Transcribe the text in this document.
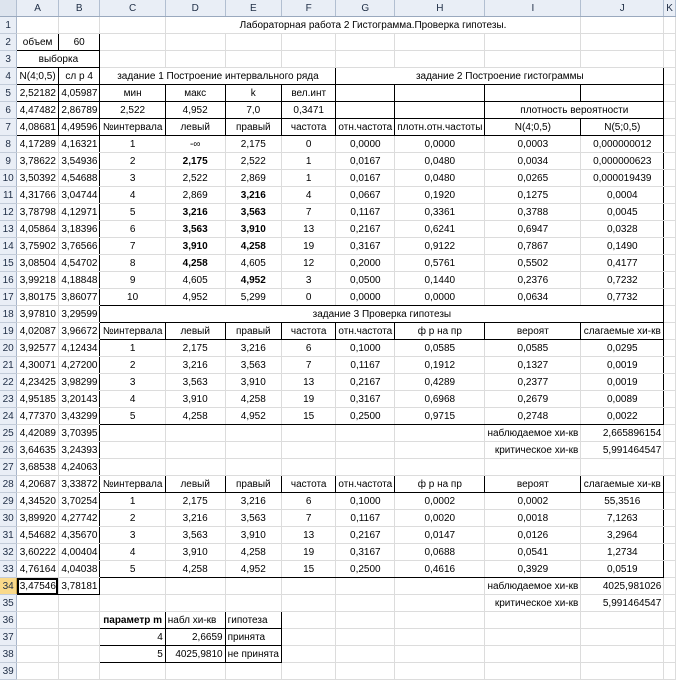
	A	B	C	D	E	F	G	H	I	J	K
1				Лабораторная работа 2 Гистограмма.Проверка гипотезы.							
2	объем	60									
3	выборка										
4	N(4;0,5)	сл р 4	задание 1 Построение интервального ряда				задание 2 Построение гистограммы				
5	2,52182	4,05987	мин	макс	k	вел.инт					
6	4,47482	2,86789	2,522	4,952	7,0	0,3471			плотность вероятности		
7	4,08681	4,49596	№интервала	левый	правый	частота	отн.частота	плотн.отн.частоты	N(4;0,5)	N(5;0,5)	
8	4,17289	4,16321	1	-∞	2,175	0	0,0000	0,0000	0,0003	0,000000012	
9	3,78622	3,54936	2	2,175	2,522	1	0,0167	0,0480	0,0034	0,000000623	
10	3,50392	4,54688	3	2,522	2,869	1	0,0167	0,0480	0,0265	0,000019439	
11	4,31766	3,04744	4	2,869	3,216	4	0,0667	0,1920	0,1275	0,0004	
12	3,78798	4,12971	5	3,216	3,563	7	0,1167	0,3361	0,3788	0,0045	
13	4,05864	3,18396	6	3,563	3,910	13	0,2167	0,6241	0,6947	0,0328	
14	3,75902	3,76566	7	3,910	4,258	19	0,3167	0,9122	0,7867	0,1490	
15	3,08504	4,54702	8	4,258	4,605	12	0,2000	0,5761	0,5502	0,4177	
16	3,99218	4,18848	9	4,605	4,952	3	0,0500	0,1440	0,2376	0,7232	
17	3,80175	3,86077	10	4,952	5,299	0	0,0000	0,0000	0,0634	0,7732	
18	3,97810	3,29599	задание 3 Проверка гипотезы								
19	4,02087	3,96672	№интервала	левый	правый	частота	отн.частота	ф р на пр	вероят	слагаемые хи-кв	
20	3,92577	4,12434	1	2,175	3,216	6	0,1000	0,0585	0,0585	0,0295	
21	4,30071	4,27200	2	3,216	3,563	7	0,1167	0,1912	0,1327	0,0019	
22	4,23425	3,98299	3	3,563	3,910	13	0,2167	0,4289	0,2377	0,0019	
23	4,95185	3,20143	4	3,910	4,258	19	0,3167	0,6968	0,2679	0,0089	
24	4,77370	3,43299	5	4,258	4,952	15	0,2500	0,9715	0,2748	0,0022	
25	4,42089	3,70395							наблюдаемое хи-кв	2,665896154	
26	3,64635	3,24393							критическое хи-кв	5,991464547	
27	3,68538	4,24063									
28	4,20687	3,33872	№интервала	левый	правый	частота	отн.частота	ф р на пр	вероят	слагаемые хи-кв	
29	4,34520	3,70254	1	2,175	3,216	6	0,1000	0,0002	0,0002	55,3516	
30	3,89920	4,27742	2	3,216	3,563	7	0,1167	0,0020	0,0018	7,1263	
31	4,54682	4,35670	3	3,563	3,910	13	0,2167	0,0147	0,0126	3,2964	
32	3,60222	4,00404	4	3,910	4,258	19	0,3167	0,0688	0,0541	1,2734	
33	4,76164	4,04038	5	4,258	4,952	15	0,2500	0,4616	0,3929	0,0519	
34	3,47546	3,78181							наблюдаемое хи-кв	4025,981026	
35									критическое хи-кв	5,991464547	
36			параметр m	набл хи-кв	гипотеза						
37			4	2,6659	принята						
38			5	4025,9810	не принята						
39											
